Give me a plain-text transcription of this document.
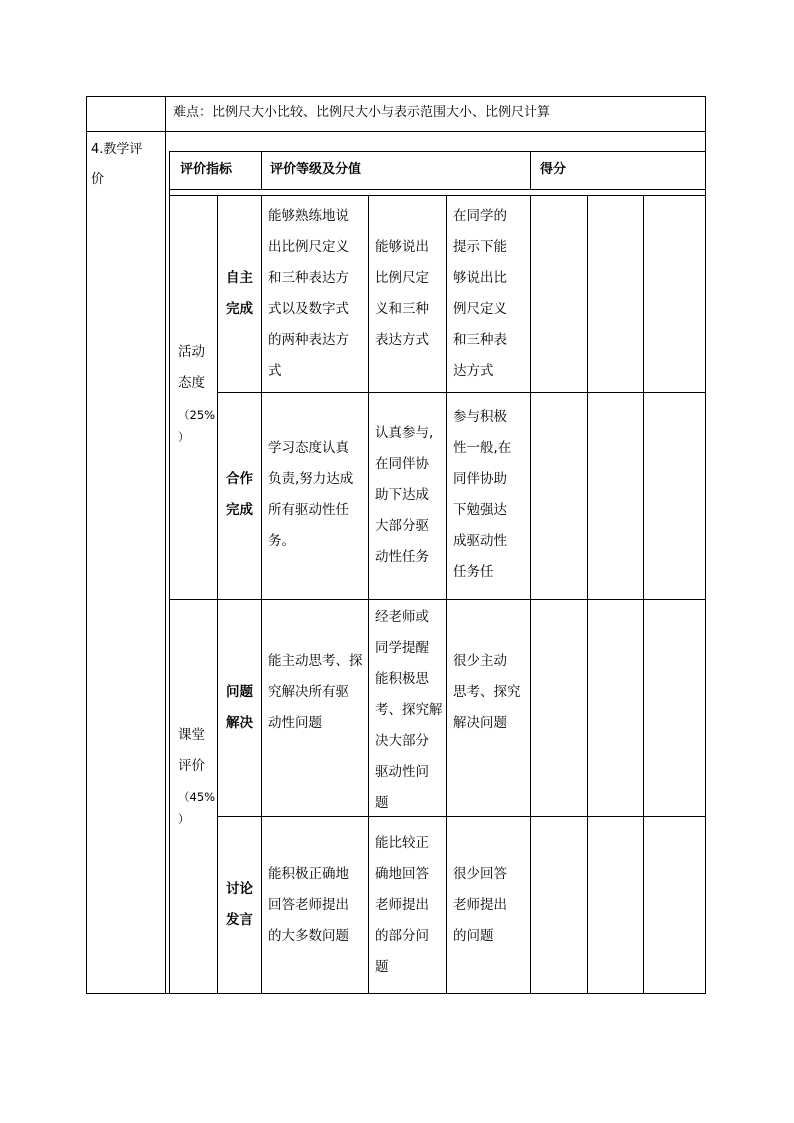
难点：比例尺大小比较、比例尺大小与表示范围大小、比例尺计算
4.教学评
价
评价指标	评价等级及分值	得分
活动
态度
（25%
）
自主
完成
能够熟练地说
出比例尺定义
和三种表达方
式以及数字式
的两种表达方
式
能够说出
比例尺定
义和三种
表达方式
在同学的
提示下能
够说出比
例尺定义
和三种表
达方式
合作
完成
学习态度认真
负责,努力达成
所有驱动性任
务。
认真参与,
在同伴协
助下达成
大部分驱
动性任务
参与积极
性一般,在
同伴协助
下勉强达
成驱动性
任务任
课堂
评价
（45%
）
问题
解决
能主动思考、探
究解决所有驱
动性问题
经老师或
同学提醒
能积极思
考、探究解
决大部分
驱动性问
题
很少主动
思考、探究
解决问题
讨论
发言
能积极正确地
回答老师提出
的大多数问题
能比较正
确地回答
老师提出
的部分问
题
很少回答
老师提出
的问题
